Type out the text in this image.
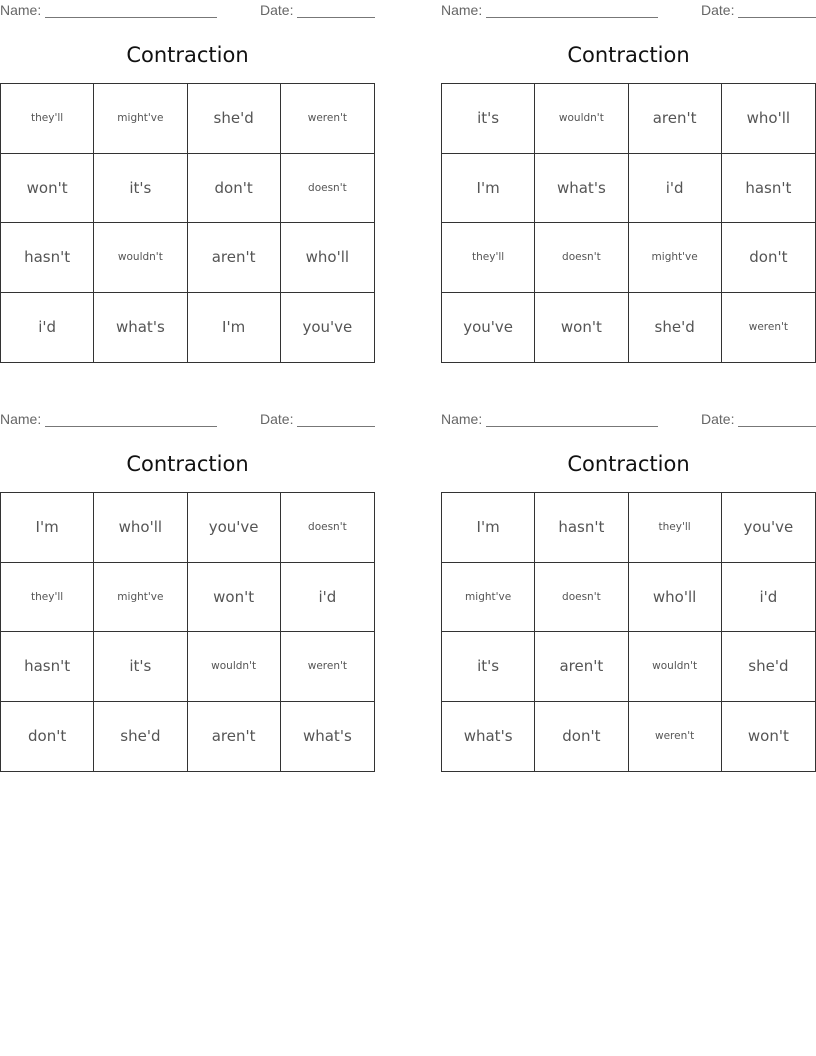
Name:	Date:
Contraction
they'll	might've	she'd	weren't
won't	it's	don't	doesn't
hasn't	wouldn't	aren't	who'll
i'd	what's	I'm	you've
Name:	Date:
Contraction
it's	wouldn't	aren't	who'll
I'm	what's	i'd	hasn't
they'll	doesn't	might've	don't
you've	won't	she'd	weren't
Name:	Date:
Contraction
I'm	who'll	you've	doesn't
they'll	might've	won't	i'd
hasn't	it's	wouldn't	weren't
don't	she'd	aren't	what's
Name:	Date:
Contraction
I'm	hasn't	they'll	you've
might've	doesn't	who'll	i'd
it's	aren't	wouldn't	she'd
what's	don't	weren't	won't
